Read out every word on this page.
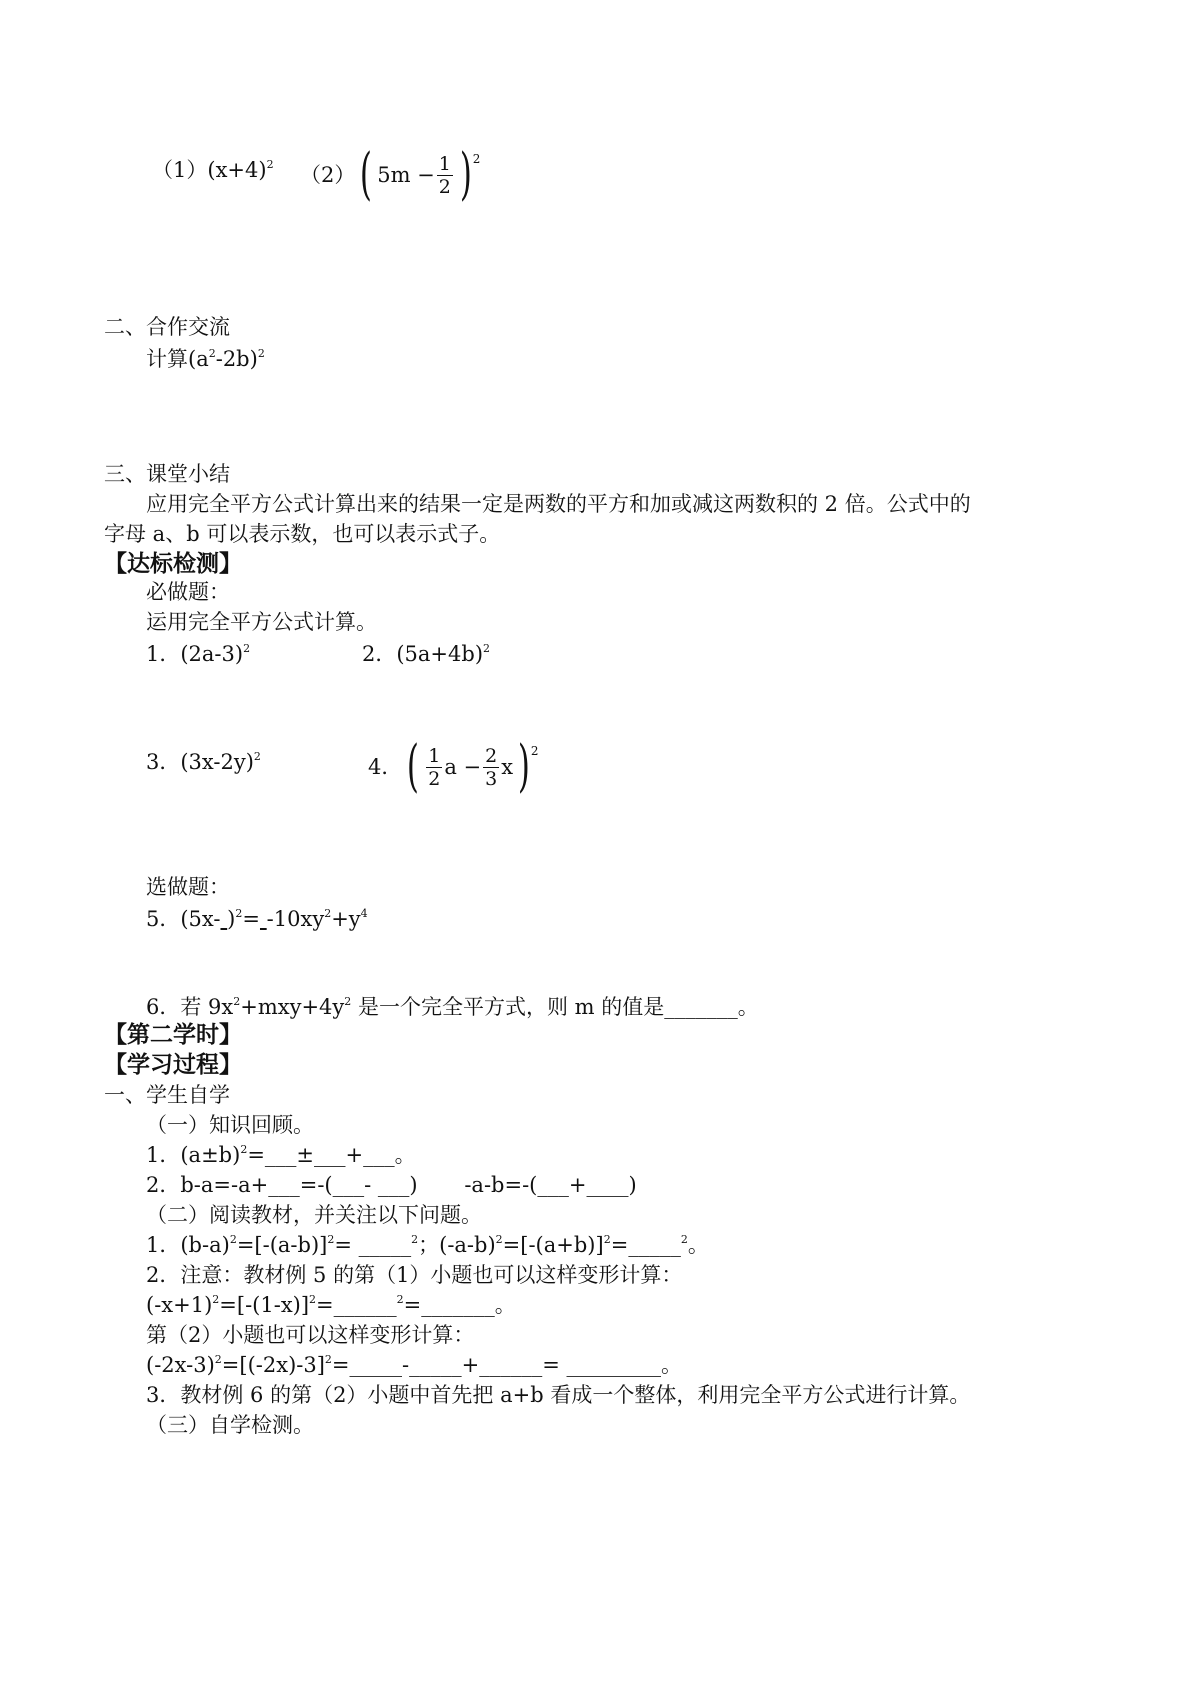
$(1)(x+4)^2$ （2） ( $5m - \frac{1}{2}$ ) 2
二、合作交流
计算$(a^2-2b)^2$
三、课堂小结
应用完全平方公式计算出来的结果一定是两数的平方和加或减这两数积的 2 倍。公式中的
字母 a、b 可以表示数，也可以表示式子。
【达标检测】
必做题：
运用完全平方公式计算。
1．$(2a-3)^2$	2．$(5a+4b)^2$
3．$(3x-2y)^2$	4． ( $\frac{1}{2}$ $a - \frac{2}{3}$ x ) 2
选做题：
5．(5x- )$^2= -10xy^2+y^4$
6．若 $9x^2+mxy+4y^2$ 是一个完全平方式，则 m 的值是_______。
【第二学时】
【学习过程】
一、学生自学
（一）知识回顾。
1．$(a\pm b)^2=\_\_\_\pm\_\_\_+\_\_\_$。
2．b-a=-a+___=-(___- ___)       -a-b=-(___+____)
（二）阅读教材，并关注以下问题。
1．$(b-a)^2=[-(a-b)]^2=$ _____$^2$；$(-a-b)^2=[-(a+b)]^2=\_\_\_\_\_^2$。
2．注意：教材例 5 的第（1）小题也可以这样变形计算：
$(-x+1)^2=[-(1-x)]^2=\_\_\_\_\_\_^2=\_\_\_\_\_\_\_$。
第（2）小题也可以这样变形计算：
$(-2x-3)^2=[(-2x)-3]^2=\_\_\_\_\_-\_\_\_\_\_+\_\_\_\_\_\_=$ _________。
3．教材例 6 的第（2）小题中首先把 a+b 看成一个整体，利用完全平方公式进行计算。
（三）自学检测。
